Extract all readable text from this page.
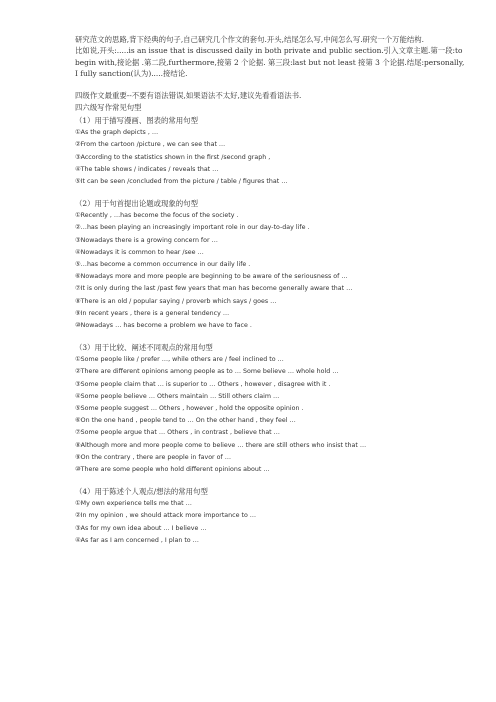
研究范文的思路,背下经典的句子,自己研究几个作文的套句.开头,结尾怎么写,中间怎么写.研究一个万能结构.

比如说,开头:.....is an issue that is discussed daily in both private and public section.引入文章主题.第一段:to begin with,接论据 .第二段,furthermore,接第 2 个论据. 第三段:last but not least 接第 3 个论据.结尾:personally, I fully sanction(认为).....接结论.

四级作文最重要--不要有语法错误,如果语法不太好,建议先看看语法书.

四六级写作常见句型

（1）用于描写漫画、图表的常用句型

①As the graph depicts , …

②From the cartoon /picture , we can see that …

③According to the statistics shown in the first /second graph ,

④The table shows / indicates / reveals that …

⑤It can be seen /concluded from the picture / table / figures that …

（2）用于句首提出论题或现象的句型

①Recently , …has become the focus of the society .

②…has been playing an increasingly important role in our day-to-day life .

③Nowadays there is a growing concern for …

④Nowadays it is common to hear /see …

⑤…has become a common occurrence in our daily life .

⑥Nowadays more and more people are beginning to be aware of the seriousness of …

⑦It is only during the last /past few years that man has become generally aware that …

⑧There is an old / popular saying / proverb which says / goes …

⑨In recent years , there is a general tendency …

⑩Nowadays … has become a problem we have to face .

（3）用于比较、阐述不同观点的常用句型

①Some people like / prefer …, while others are / feel inclined to …

②There are different opinions among people as to … Some believe … whole hold …

③Some people claim that … is superior to … Others , however , disagree with it .

④Some people believe … Others maintain … Still others claim …

⑤Some people suggest … Others , however , hold the opposite opinion .

⑥On the one hand , people tend to … On the other hand , they feel …

⑦Some people argue that … Others , in contrast , believe that …

⑧Although more and more people come to believe … there are still others who insist that …

⑨On the contrary , there are people in favor of …

⑩There are some people who hold different opinions about …

（4）用于陈述个人观点/想法的常用句型

①My own experience tells me that …

②In my opinion , we should attack more importance to …

③As for my own idea about … I believe …

④As far as I am concerned , I plan to …
